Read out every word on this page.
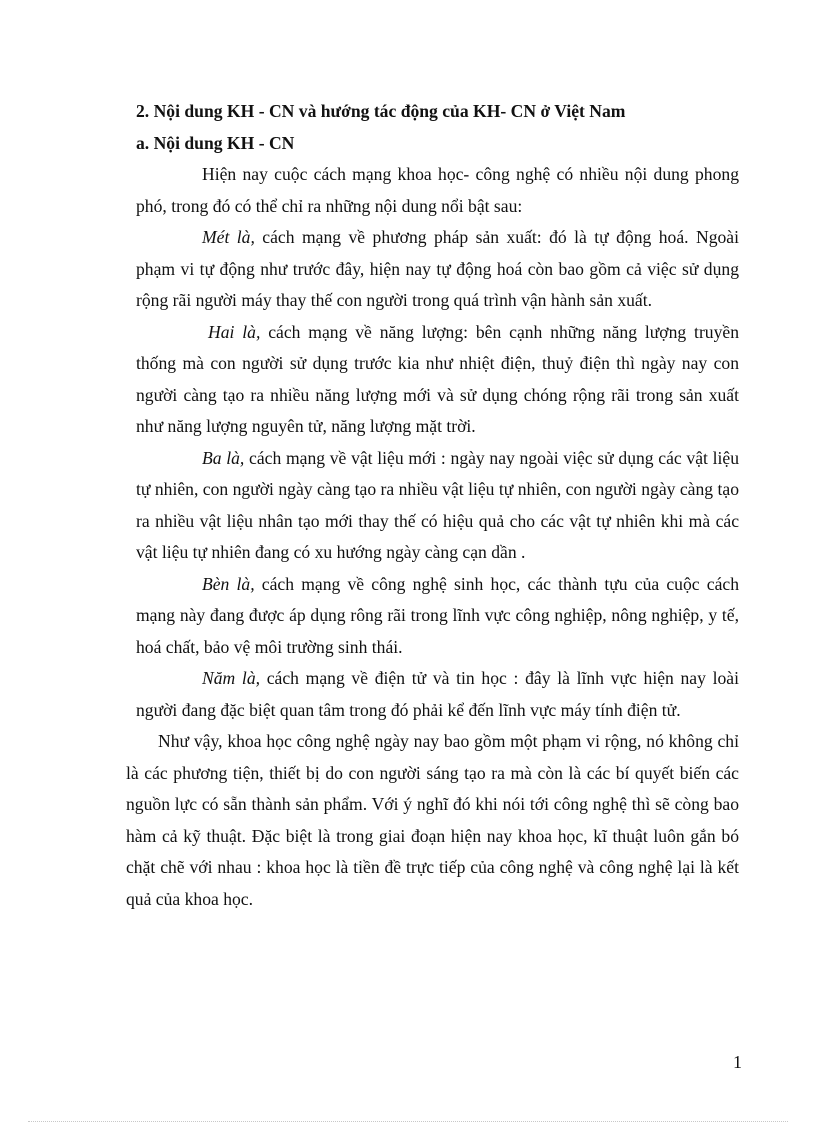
2. Nội dung KH - CN và hướng tác động của KH- CN ở Việt Nam
a. Nội dung KH - CN

Hiện nay cuộc cách mạng khoa học- công nghệ có nhiều nội dung phong phó, trong đó có thể chỉ ra những nội dung nổi bật sau:

Mét là, cách mạng về phương pháp sản xuất: đó là tự động hoá. Ngoài phạm vi tự động như trước đây, hiện nay tự động hoá còn bao gồm cả việc sử dụng rộng rãi người máy thay thế con người trong quá trình vận hành sản xuất.

Hai là, cách mạng về năng lượng: bên cạnh những năng lượng truyền thống mà con người sử dụng trước kia như nhiệt điện, thuỷ điện thì ngày nay con người càng tạo ra nhiều năng lượng mới và sử dụng chóng rộng rãi trong sản xuất như năng lượng nguyên tử, năng lượng mặt trời.

Ba là, cách mạng về vật liệu mới : ngày nay ngoài việc sử dụng các vật liệu tự nhiên, con người ngày càng tạo ra nhiều vật liệu tự nhiên, con người ngày càng tạo ra nhiều vật liệu nhân tạo mới thay thế có hiệu quả cho các vật tự nhiên khi mà các vật liệu tự nhiên đang có xu hướng ngày càng cạn dần .

Bèn là, cách mạng về công nghệ sinh học, các thành tựu của cuộc cách mạng này đang được áp dụng rông rãi trong lĩnh vực công nghiệp, nông nghiệp, y tế, hoá chất, bảo vệ môi trường sinh thái.

Năm là, cách mạng về điện tử và tin học : đây là lĩnh vực hiện nay loài người đang đặc biệt quan tâm trong đó phải kể đến lĩnh vực máy tính điện tử.

Như vậy, khoa học công nghệ ngày nay bao gồm một phạm vi rộng, nó không chỉ là các phương tiện, thiết bị do con người sáng tạo ra mà còn là các bí quyết biến các nguồn lực có sẵn thành sản phẩm. Với ý nghĩ đó khi nói tới công nghệ thì sẽ còng bao hàm cả kỹ thuật. Đặc biệt là trong giai đoạn hiện nay khoa học, kĩ thuật luôn gắn bó chặt chẽ với nhau : khoa học là tiền đề trực tiếp của công nghệ và công nghệ lại là kết quả của khoa học.

1
